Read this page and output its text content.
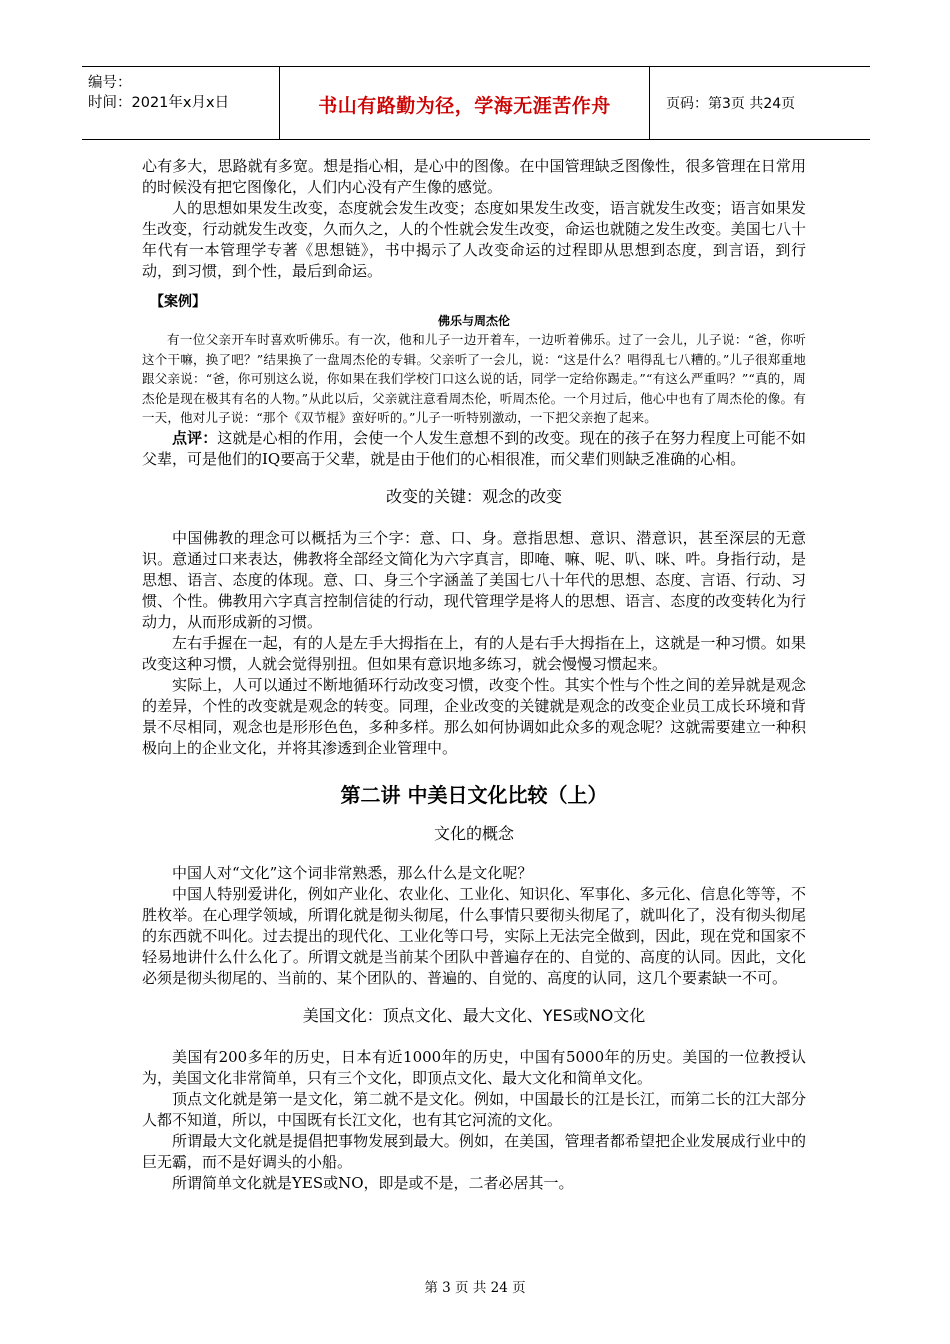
编号：
时间：2021年x月x日	书山有路勤为径，学海无涯苦作舟	页码：第3页 共24页

心有多大，思路就有多宽。想是指心相，是心中的图像。在中国管理缺乏图像性，很多管理在日常用的时候没有把它图像化，人们内心没有产生像的感觉。

人的思想如果发生改变，态度就会发生改变；态度如果发生改变，语言就发生改变；语言如果发生改变，行动就发生改变，久而久之，人的个性就会发生改变，命运也就随之发生改变。美国七八十年代有一本管理学专著《思想链》，书中揭示了人改变命运的过程即从思想到态度，到言语，到行动，到习惯，到个性，最后到命运。

【案例】
佛乐与周杰伦

有一位父亲开车时喜欢听佛乐。有一次，他和儿子一边开着车，一边听着佛乐。过了一会儿，儿子说：“爸，你听这个干嘛，换了吧？”结果换了一盘周杰伦的专辑。父亲听了一会儿，说：“这是什么？唱得乱七八糟的。”儿子很郑重地跟父亲说：“爸，你可别这么说，你如果在我们学校门口这么说的话，同学一定给你踢走。”“有这么严重吗？”“真的，周杰伦是现在极其有名的人物。”从此以后，父亲就注意看周杰伦，听周杰伦。一个月过后，他心中也有了周杰伦的像。有一天，他对儿子说：“那个《双节棍》蛮好听的。”儿子一听特别激动，一下把父亲抱了起来。

点评：这就是心相的作用，会使一个人发生意想不到的改变。现在的孩子在努力程度上可能不如父辈，可是他们的IQ要高于父辈，就是由于他们的心相很准，而父辈们则缺乏准确的心相。

改变的关键：观念的改变

中国佛教的理念可以概括为三个字：意、口、身。意指思想、意识、潜意识，甚至深层的无意识。意通过口来表达，佛教将全部经文简化为六字真言，即唵、嘛、呢、叭、咪、吽。身指行动，是思想、语言、态度的体现。意、口、身三个字涵盖了美国七八十年代的思想、态度、言语、行动、习惯、个性。佛教用六字真言控制信徒的行动，现代管理学是将人的思想、语言、态度的改变转化为行动力，从而形成新的习惯。

左右手握在一起，有的人是左手大拇指在上，有的人是右手大拇指在上，这就是一种习惯。如果改变这种习惯，人就会觉得别扭。但如果有意识地多练习，就会慢慢习惯起来。

实际上，人可以通过不断地循环行动改变习惯，改变个性。其实个性与个性之间的差异就是观念的差异，个性的改变就是观念的转变。同理，企业改变的关键就是观念的改变企业员工成长环境和背景不尽相同，观念也是形形色色，多种多样。那么如何协调如此众多的观念呢？这就需要建立一种积极向上的企业文化，并将其渗透到企业管理中。

第二讲 中美日文化比较（上）
文化的概念

中国人对“文化”这个词非常熟悉，那么什么是文化呢？

中国人特别爱讲化，例如产业化、农业化、工业化、知识化、军事化、多元化、信息化等等，不胜枚举。在心理学领域，所谓化就是彻头彻尾，什么事情只要彻头彻尾了，就叫化了，没有彻头彻尾的东西就不叫化。过去提出的现代化、工业化等口号，实际上无法完全做到，因此，现在党和国家不轻易地讲什么什么化了。所谓文就是当前某个团队中普遍存在的、自觉的、高度的认同。因此，文化必须是彻头彻尾的、当前的、某个团队的、普遍的、自觉的、高度的认同，这几个要素缺一不可。

美国文化：顶点文化、最大文化、YES或NO文化

美国有200多年的历史，日本有近1000年的历史，中国有5000年的历史。美国的一位教授认为，美国文化非常简单，只有三个文化，即顶点文化、最大文化和简单文化。

顶点文化就是第一是文化，第二就不是文化。例如，中国最长的江是长江，而第二长的江大部分人都不知道，所以，中国既有长江文化，也有其它河流的文化。

所谓最大文化就是提倡把事物发展到最大。例如，在美国，管理者都希望把企业发展成行业中的巨无霸，而不是好调头的小船。

所谓简单文化就是YES或NO，即是或不是，二者必居其一。

第 3 页 共 24 页
